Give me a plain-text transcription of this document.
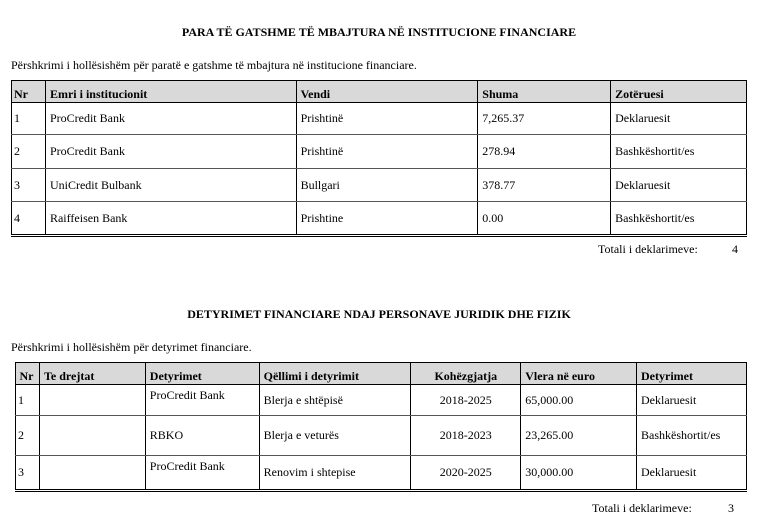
PARA TË GATSHME TË MBAJTURA NË INSTITUCIONE FINANCIARE
Përshkrimi i hollësishëm për paratë e gatshme të mbajtura në institucione financiare.
Nr	Emri i institucionit	Vendi	Shuma	Zotëruesi
1	ProCredit Bank	Prishtinë	7,265.37	Deklaruesit
2	ProCredit Bank	Prishtinë	278.94	Bashkëshortit/es
3	UniCredit Bulbank	Bullgari	378.77	Deklaruesit
4	Raiffeisen Bank	Prishtine	0.00	Bashkëshortit/es
Totali i deklarimeve:	4
DETYRIMET FINANCIARE NDAJ PERSONAVE JURIDIK DHE FIZIK
Përshkrimi i hollësishëm për detyrimet financiare.
Nr	Te drejtat	Detyrimet	Qëllimi i detyrimit	Kohëzgjatja	Vlera në euro	Detyrimet
1		ProCredit Bank	Blerja e shtëpisë	2018-2025	65,000.00	Deklaruesit
2		RBKO	Blerja e veturës	2018-2023	23,265.00	Bashkëshortit/es
3		ProCredit Bank	Renovim i shtepise	2020-2025	30,000.00	Deklaruesit
Totali i deklarimeve:	3
